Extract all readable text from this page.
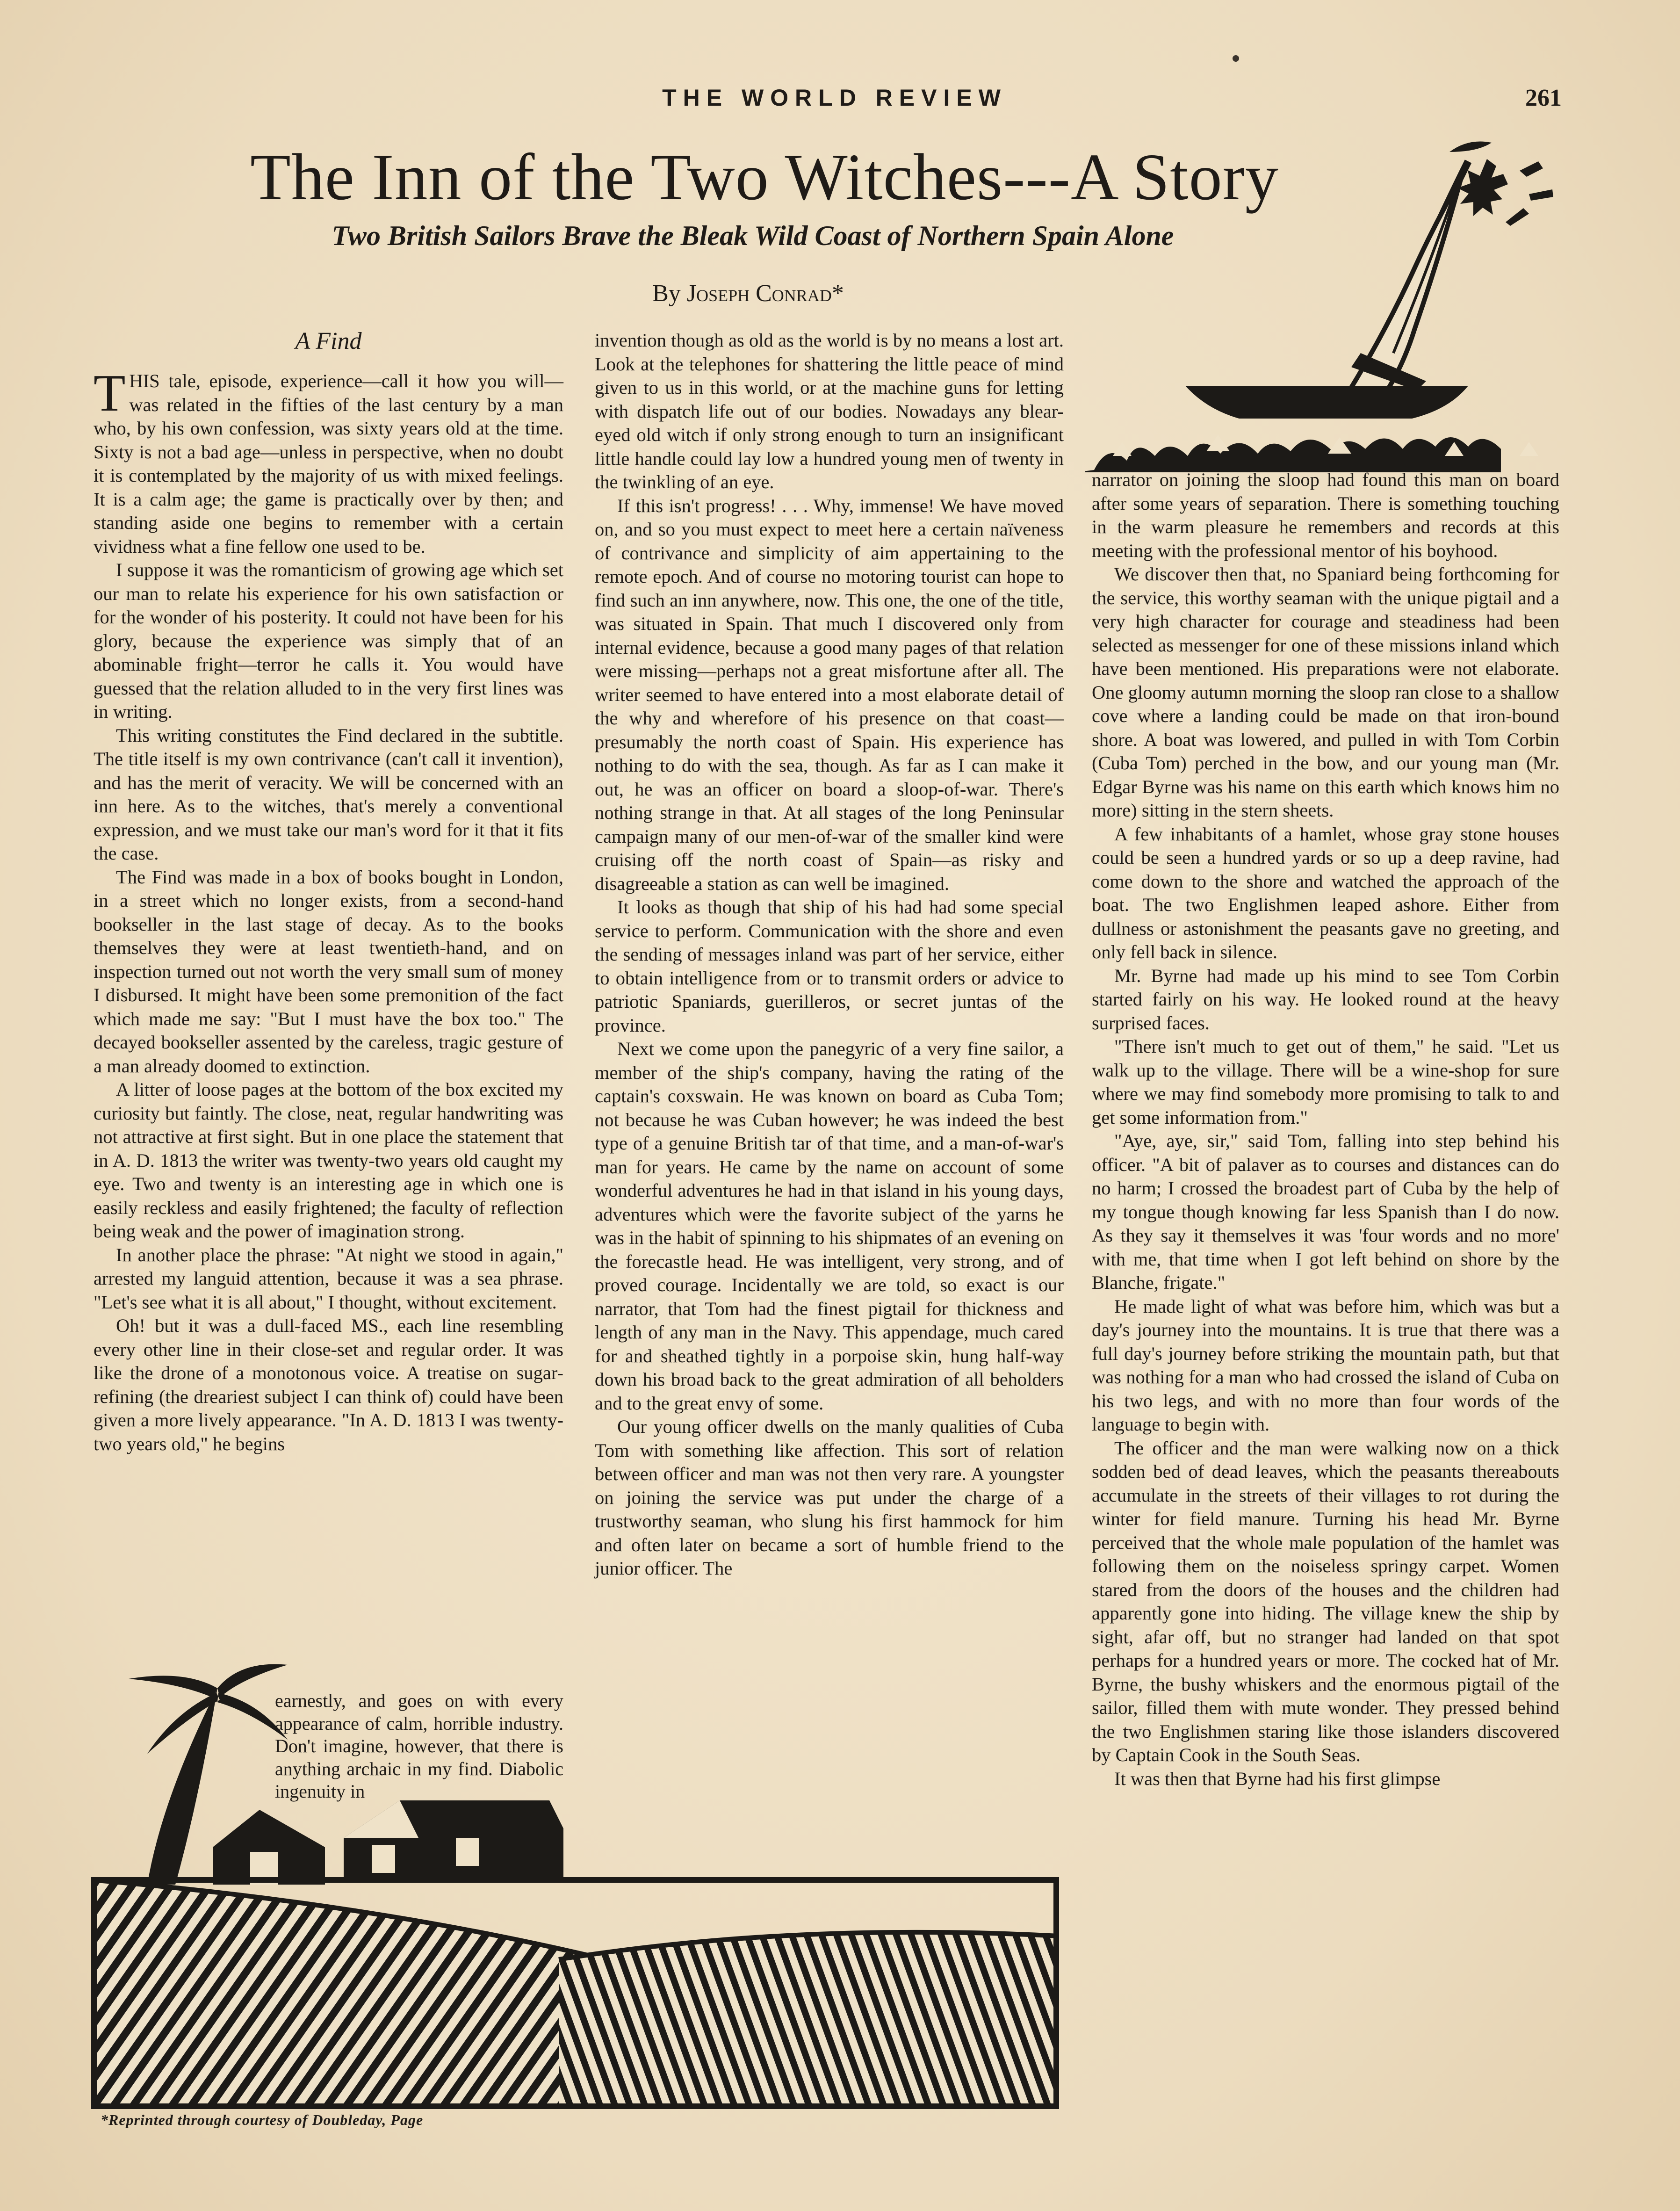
THE WORLD REVIEW	261
The Inn of the Two Witches---A Story
Two British Sailors Brave the Bleak Wild Coast of Northern Spain Alone
By Joseph Conrad*
A Find

THIS tale, episode, experience—call it how you will—was related in the fifties of the last century by a man who, by his own confession, was sixty years old at the time. Sixty is not a bad age—unless in perspective, when no doubt it is contemplated by the majority of us with mixed feelings. It is a calm age; the game is practically over by then; and standing aside one begins to remember with a certain vividness what a fine fellow one used to be.

I suppose it was the romanticism of growing age which set our man to relate his experience for his own satisfaction or for the wonder of his posterity. It could not have been for his glory, because the experience was simply that of an abominable fright—terror he calls it. You would have guessed that the relation alluded to in the very first lines was in writing.

This writing constitutes the Find declared in the subtitle. The title itself is my own contrivance (can't call it invention), and has the merit of veracity. We will be concerned with an inn here. As to the witches, that's merely a conventional expression, and we must take our man's word for it that it fits the case.

The Find was made in a box of books bought in London, in a street which no longer exists, from a second-hand bookseller in the last stage of decay. As to the books themselves they were at least twentieth-hand, and on inspection turned out not worth the very small sum of money I disbursed. It might have been some premonition of the fact which made me say: "But I must have the box too." The decayed bookseller assented by the careless, tragic gesture of a man already doomed to extinction.

A litter of loose pages at the bottom of the box excited my curiosity but faintly. The close, neat, regular handwriting was not attractive at first sight. But in one place the statement that in A. D. 1813 the writer was twenty-two years old caught my eye. Two and twenty is an interesting age in which one is easily reckless and easily frightened; the faculty of reflection being weak and the power of imagination strong.

In another place the phrase: "At night we stood in again," arrested my languid attention, because it was a sea phrase. "Let's see what it is all about," I thought, without excitement.

Oh! but it was a dull-faced MS., each line resembling every other line in their close-set and regular order. It was like the drone of a monotonous voice. A treatise on sugar-refining (the dreariest subject I can think of) could have been given a more lively appearance. "In A. D. 1813 I was twenty-two years old," he begins

earnestly, and goes on with every appearance of calm, horrible industry. Don't imagine, however, that there is anything archaic in my find. Diabolic ingenuity in

invention though as old as the world is by no means a lost art. Look at the telephones for shattering the little peace of mind given to us in this world, or at the machine guns for letting with dispatch life out of our bodies. Nowadays any blear-eyed old witch if only strong enough to turn an insignificant little handle could lay low a hundred young men of twenty in the twinkling of an eye.

If this isn't progress! . . . Why, immense! We have moved on, and so you must expect to meet here a certain naïveness of contrivance and simplicity of aim appertaining to the remote epoch. And of course no motoring tourist can hope to find such an inn anywhere, now. This one, the one of the title, was situated in Spain. That much I discovered only from internal evidence, because a good many pages of that relation were missing—perhaps not a great misfortune after all. The writer seemed to have entered into a most elaborate detail of the why and wherefore of his presence on that coast—presumably the north coast of Spain. His experience has nothing to do with the sea, though. As far as I can make it out, he was an officer on board a sloop-of-war. There's nothing strange in that. At all stages of the long Peninsular campaign many of our men-of-war of the smaller kind were cruising off the north coast of Spain—as risky and disagreeable a station as can well be imagined.

It looks as though that ship of his had had some special service to perform. Communication with the shore and even the sending of messages inland was part of her service, either to obtain intelligence from or to transmit orders or advice to patriotic Spaniards, guerilleros, or secret juntas of the province.

Next we come upon the panegyric of a very fine sailor, a member of the ship's company, having the rating of the captain's coxswain. He was known on board as Cuba Tom; not because he was Cuban however; he was indeed the best type of a genuine British tar of that time, and a man-of-war's man for years. He came by the name on account of some wonderful adventures he had in that island in his young days, adventures which were the favorite subject of the yarns he was in the habit of spinning to his shipmates of an evening on the forecastle head. He was intelligent, very strong, and of proved courage. Incidentally we are told, so exact is our narrator, that Tom had the finest pigtail for thickness and length of any man in the Navy. This appendage, much cared for and sheathed tightly in a porpoise skin, hung half-way down his broad back to the great admiration of all beholders and to the great envy of some.

Our young officer dwells on the manly qualities of Cuba Tom with something like affection. This sort of relation between officer and man was not then very rare. A youngster on joining the service was put under the charge of a trustworthy seaman, who slung his first hammock for him and often later on became a sort of humble friend to the junior officer. The

narrator on joining the sloop had found this man on board after some years of separation. There is something touching in the warm pleasure he remembers and records at this meeting with the professional mentor of his boyhood.

We discover then that, no Spaniard being forthcoming for the service, this worthy seaman with the unique pigtail and a very high character for courage and steadiness had been selected as messenger for one of these missions inland which have been mentioned. His preparations were not elaborate. One gloomy autumn morning the sloop ran close to a shallow cove where a landing could be made on that iron-bound shore. A boat was lowered, and pulled in with Tom Corbin (Cuba Tom) perched in the bow, and our young man (Mr. Edgar Byrne was his name on this earth which knows him no more) sitting in the stern sheets.

A few inhabitants of a hamlet, whose gray stone houses could be seen a hundred yards or so up a deep ravine, had come down to the shore and watched the approach of the boat. The two Englishmen leaped ashore. Either from dullness or astonishment the peasants gave no greeting, and only fell back in silence.

Mr. Byrne had made up his mind to see Tom Corbin started fairly on his way. He looked round at the heavy surprised faces.

"There isn't much to get out of them," he said. "Let us walk up to the village. There will be a wine-shop for sure where we may find somebody more promising to talk to and get some information from."

"Aye, aye, sir," said Tom, falling into step behind his officer. "A bit of palaver as to courses and distances can do no harm; I crossed the broadest part of Cuba by the help of my tongue though knowing far less Spanish than I do now. As they say it themselves it was 'four words and no more' with me, that time when I got left behind on shore by the Blanche, frigate."

He made light of what was before him, which was but a day's journey into the mountains. It is true that there was a full day's journey before striking the mountain path, but that was nothing for a man who had crossed the island of Cuba on his two legs, and with no more than four words of the language to begin with.

The officer and the man were walking now on a thick sodden bed of dead leaves, which the peasants thereabouts accumulate in the streets of their villages to rot during the winter for field manure. Turning his head Mr. Byrne perceived that the whole male population of the hamlet was following them on the noiseless springy carpet. Women stared from the doors of the houses and the children had apparently gone into hiding. The village knew the ship by sight, afar off, but no stranger had landed on that spot perhaps for a hundred years or more. The cocked hat of Mr. Byrne, the bushy whiskers and the enormous pigtail of the sailor, filled them with mute wonder. They pressed behind the two Englishmen staring like those islanders discovered by Captain Cook in the South Seas.

It was then that Byrne had his first glimpse

*Reprinted through courtesy of Doubleday, Page
